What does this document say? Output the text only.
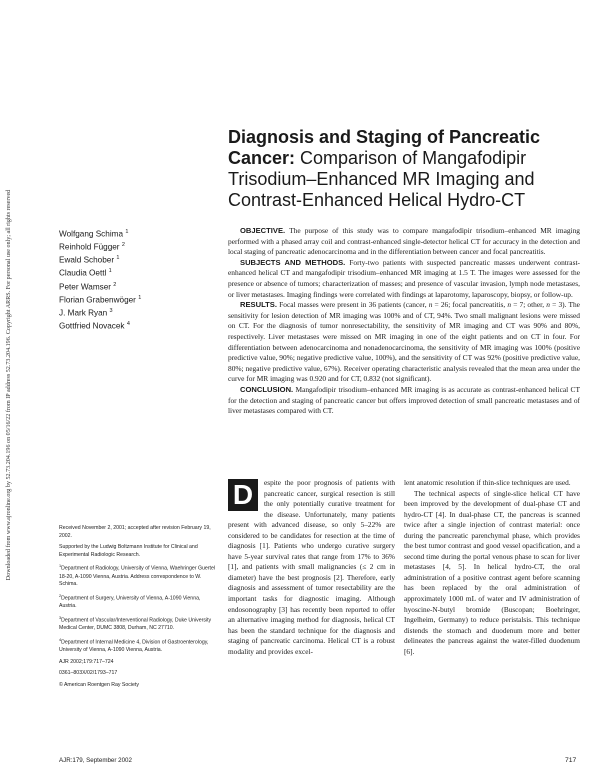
Downloaded from www.ajronline.org by 52.73.204.196 on 05/16/22 from IP address 52.73.204.196. Copyright ARRS. For personal use only; all rights reserved
Diagnosis and Staging of Pancreatic Cancer: Comparison of Mangafodipir Trisodium–Enhanced MR Imaging and Contrast-Enhanced Helical Hydro-CT
Wolfgang Schima $^1$
Reinhold Függer $^2$
Ewald Schober $^1$
Claudia Oettl $^1$
Peter Wamser $^2$
Florian Grabenwöger $^1$
J. Mark Ryan $^3$
Gottfried Novacek $^4$

OBJECTIVE. The purpose of this study was to compare mangafodipir trisodium–enhanced MR imaging performed with a phased array coil and contrast-enhanced single-detector helical CT for accuracy in the detection and local staging of pancreatic adenocarcinoma and in the differentiation between cancer and focal pancreatitis.

SUBJECTS AND METHODS. Forty-two patients with suspected pancreatic masses underwent contrast-enhanced helical CT and mangafodipir trisodium–enhanced MR imaging at 1.5 T. The images were assessed for the presence or absence of tumors; characterization of masses; and presence of vascular invasion, lymph node metastases, or liver metastases. Imaging findings were correlated with findings at laparotomy, laparoscopy, biopsy, or follow-up.

RESULTS. Focal masses were present in 36 patients (cancer, n = 26; focal pancreatitis, n = 7; other, n = 3). The sensitivity for lesion detection of MR imaging was 100% and of CT, 94%. Two small malignant lesions were missed on CT. For the diagnosis of tumor nonresectability, the sensitivity of MR imaging and CT was 90% and 80%, respectively. Liver metastases were missed on MR imaging in one of the eight patients and on CT in four. For differentiation between adenocarcinoma and nonadenocarcinoma, the sensitivity of MR imaging was 100% (positive predictive value, 90%; negative predictive value, 100%), and the sensitivity of CT was 92% (positive predictive value, 80%; negative predictive value, 67%). Receiver operating characteristic analysis revealed that the mean area under the curve for MR imaging was 0.920 and for CT, 0.832 (not significant).

CONCLUSION. Mangafodipir trisodium–enhanced MR imaging is as accurate as contrast-enhanced helical CT for the detection and staging of pancreatic cancer but offers improved detection of small pancreatic metastases and of liver metastases compared with CT.

Received November 2, 2001; accepted after revision February 19, 2002.

Supported by the Ludwig Boltzmann Institute for Clinical and Experimental Radiologic Research.

$^1$Department of Radiology, University of Vienna, Waehringer Guertel 18-20, A-1090 Vienna, Austria. Address correspondence to W. Schima.

$^2$Department of Surgery, University of Vienna, A-1090 Vienna, Austria.

$^3$Department of Vascular/Interventional Radiology, Duke University Medical Center, DUMC 3808, Durham, NC 27710.

$^4$Department of Internal Medicine 4, Division of Gastroenterology, University of Vienna, A-1090 Vienna, Austria.

AJR 2002;179:717–724

0361–803X/02/1793–717

© American Roentgen Ray Society

D	espite the poor prognosis of patients with pancreatic cancer, surgical resection is still the only potentially curative treatment for the disease. Unfortunately, many patients present with advanced disease, so only 5–22% are considered to be candidates for resection at the time of diagnosis [1]. Patients who undergo curative surgery have 5-year survival rates that range from 17% to 36% [1], and patients with small malignancies (≤ 2 cm in diameter) have the best prognosis [2]. Therefore, early diagnosis and assessment of tumor resectability are the important tasks for diagnostic imaging. Although endosonography [3] has recently been reported to offer an alternative imaging method for diagnosis, helical CT has been the standard technique for the diagnosis and staging of pancreatic carcinoma. Helical CT is a robust modality and provides excel-

lent anatomic resolution if thin-slice techniques are used.

The technical aspects of single-slice helical CT have been improved by the development of dual-phase CT and hydro-CT [4]. In dual-phase CT, the pancreas is scanned twice after a single injection of contrast material: once during the pancreatic parenchymal phase, which provides the best tumor contrast and good vessel opacification, and a second time during the portal venous phase to scan for liver metastases [4, 5]. In helical hydro-CT, the oral administration of a positive contrast agent before scanning has been replaced by the oral administration of approximately 1000 mL of water and IV administration of hyoscine-N-butyl bromide (Buscopan; Boehringer, Ingelheim, Germany) to reduce peristalsis. This technique distends the stomach and duodenum more and better delineates the pancreas against the water-filled duodenum [6].

AJR:179, September 2002	717
